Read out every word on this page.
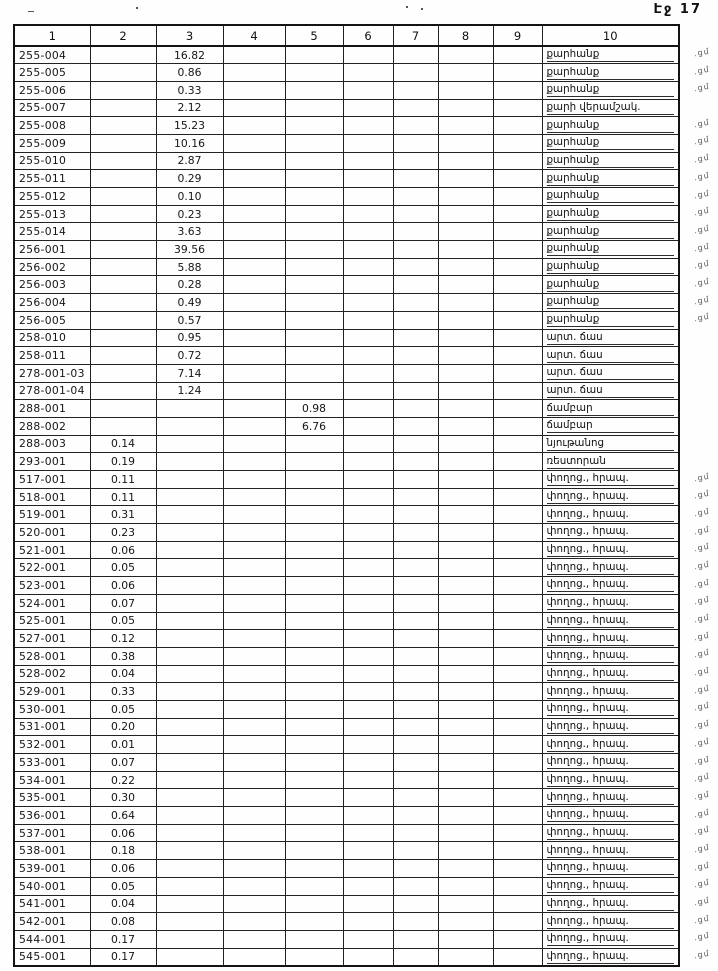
Էջ 17
1	2	3	4	5	6	7	8	9	10
255-004		16.82							քարհանք
255-005		0.86							քարհանք
255-006		0.33							քարհանք
255-007		2.12							քարի վերամշակ.
255-008		15.23							քարհանք
255-009		10.16							քարհանք
255-010		2.87							քարհանք
255-011		0.29							քարհանք
255-012		0.10							քարհանք
255-013		0.23							քարհանք
255-014		3.63							քարհանք
256-001		39.56							քարհանք
256-002		5.88							քարհանք
256-003		0.28							քարհանք
256-004		0.49							քարհանք
256-005		0.57							քարհանք
258-010		0.95							արտ. ճաս
258-011		0.72							արտ. ճաս
278-001-03		7.14							արտ. ճաս
278-001-04		1.24							արտ. ճաս
288-001				0.98					ճամբար
288-002				6.76					ճամբար
288-003	0.14								նյութանոց
293-001	0.19								ռեստորան
517-001	0.11								փողոց., հրապ.
518-001	0.11								փողոց., հրապ.
519-001	0.31								փողոց., հրապ.
520-001	0.23								փողոց., հրապ.
521-001	0.06								փողոց., հրապ.
522-001	0.05								փողոց., հրապ.
523-001	0.06								փողոց., հրապ.
524-001	0.07								փողոց., հրապ.
525-001	0.05								փողոց., հրապ.
527-001	0.12								փողոց., հրապ.
528-001	0.38								փողոց., հրապ.
528-002	0.04								փողոց., հրապ.
529-001	0.33								փողոց., հրապ.
530-001	0.05								փողոց., հրապ.
531-001	0.20								փողոց., հրապ.
532-001	0.01								փողոց., հրապ.
533-001	0.07								փողոց., հրապ.
534-001	0.22								փողոց., հրապ.
535-001	0.30								փողոց., հրապ.
536-001	0.64								փողոց., հրապ.
537-001	0.06								փողոց., հրապ.
538-001	0.18								փողոց., հրապ.
539-001	0.06								փողոց., հրապ.
540-001	0.05								փողոց., հրապ.
541-001	0.04								փողոց., հրապ.
542-001	0.08								փողոց., հրապ.
544-001	0.17								փողոց., հրապ.
545-001	0.17								փողոց., հրապ.
.ցմ
.ցմ
.ցմ
.ցմ
.ցմ
.ցմ
.ցմ
.ցմ
.ցմ
.ցմ
.ցմ
.ցմ
.ցմ
.ցմ
.ցմ
.ցմ
.ցմ
.ցմ
.ցմ
.ցմ
.ցմ
.ցմ
.ցմ
.ցմ
.ցմ
.ցմ
.ցմ
.ցմ
.ցմ
.ցմ
.ցմ
.ցմ
.ցմ
.ցմ
.ցմ
.ցմ
.ցմ
.ցմ
.ցմ
.ցմ
.ցմ
.ցմ
.ցմ
